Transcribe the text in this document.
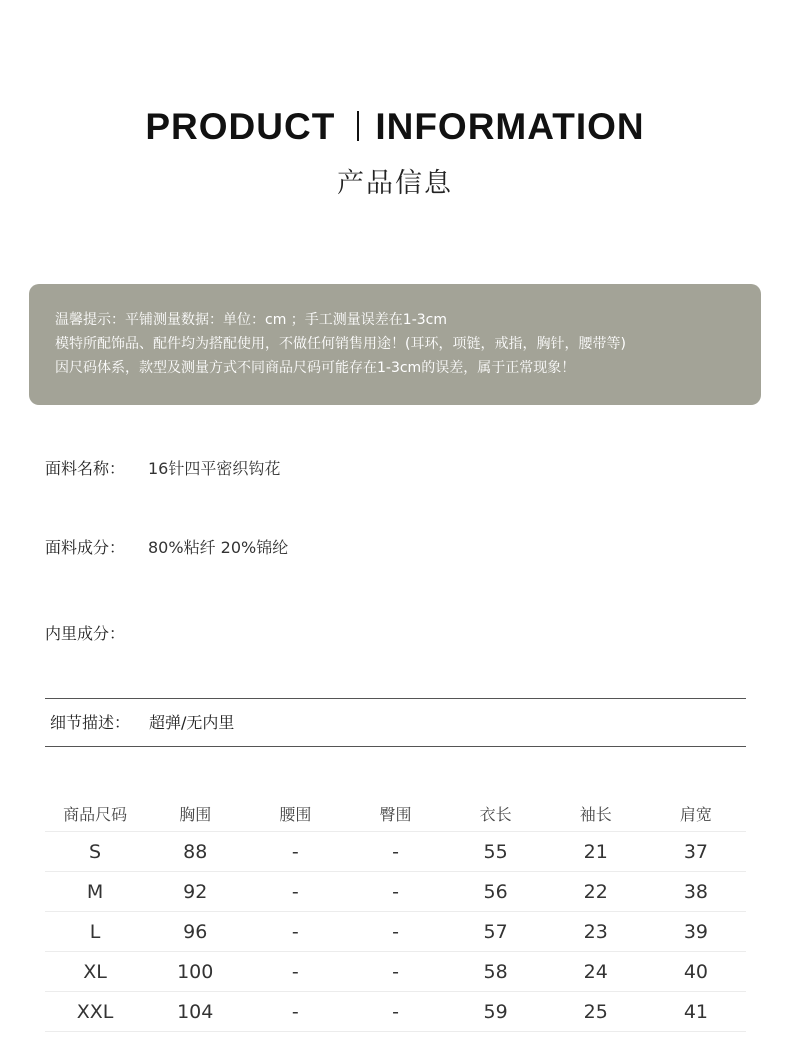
PRODUCT INFORMATION
产品信息
温馨提示：平铺测量数据：单位：cm ；手工测量误差在1-3cm
模特所配饰品、配件均为搭配使用，不做任何销售用途！(耳环，项链，戒指，胸针，腰带等)
因尺码体系，款型及测量方式不同商品尺码可能存在1-3cm的误差，属于正常现象！
面料名称： 16针四平密织钩花
面料成分： 80%粘纤 20%锦纶
内里成分：
细节描述： 超弹/无内里
商品尺码	胸围	腰围	臀围	衣长	袖长	肩宽
S	88	-	-	55	21	37
M	92	-	-	56	22	38
L	96	-	-	57	23	39
XL	100	-	-	58	24	40
XXL	104	-	-	59	25	41
